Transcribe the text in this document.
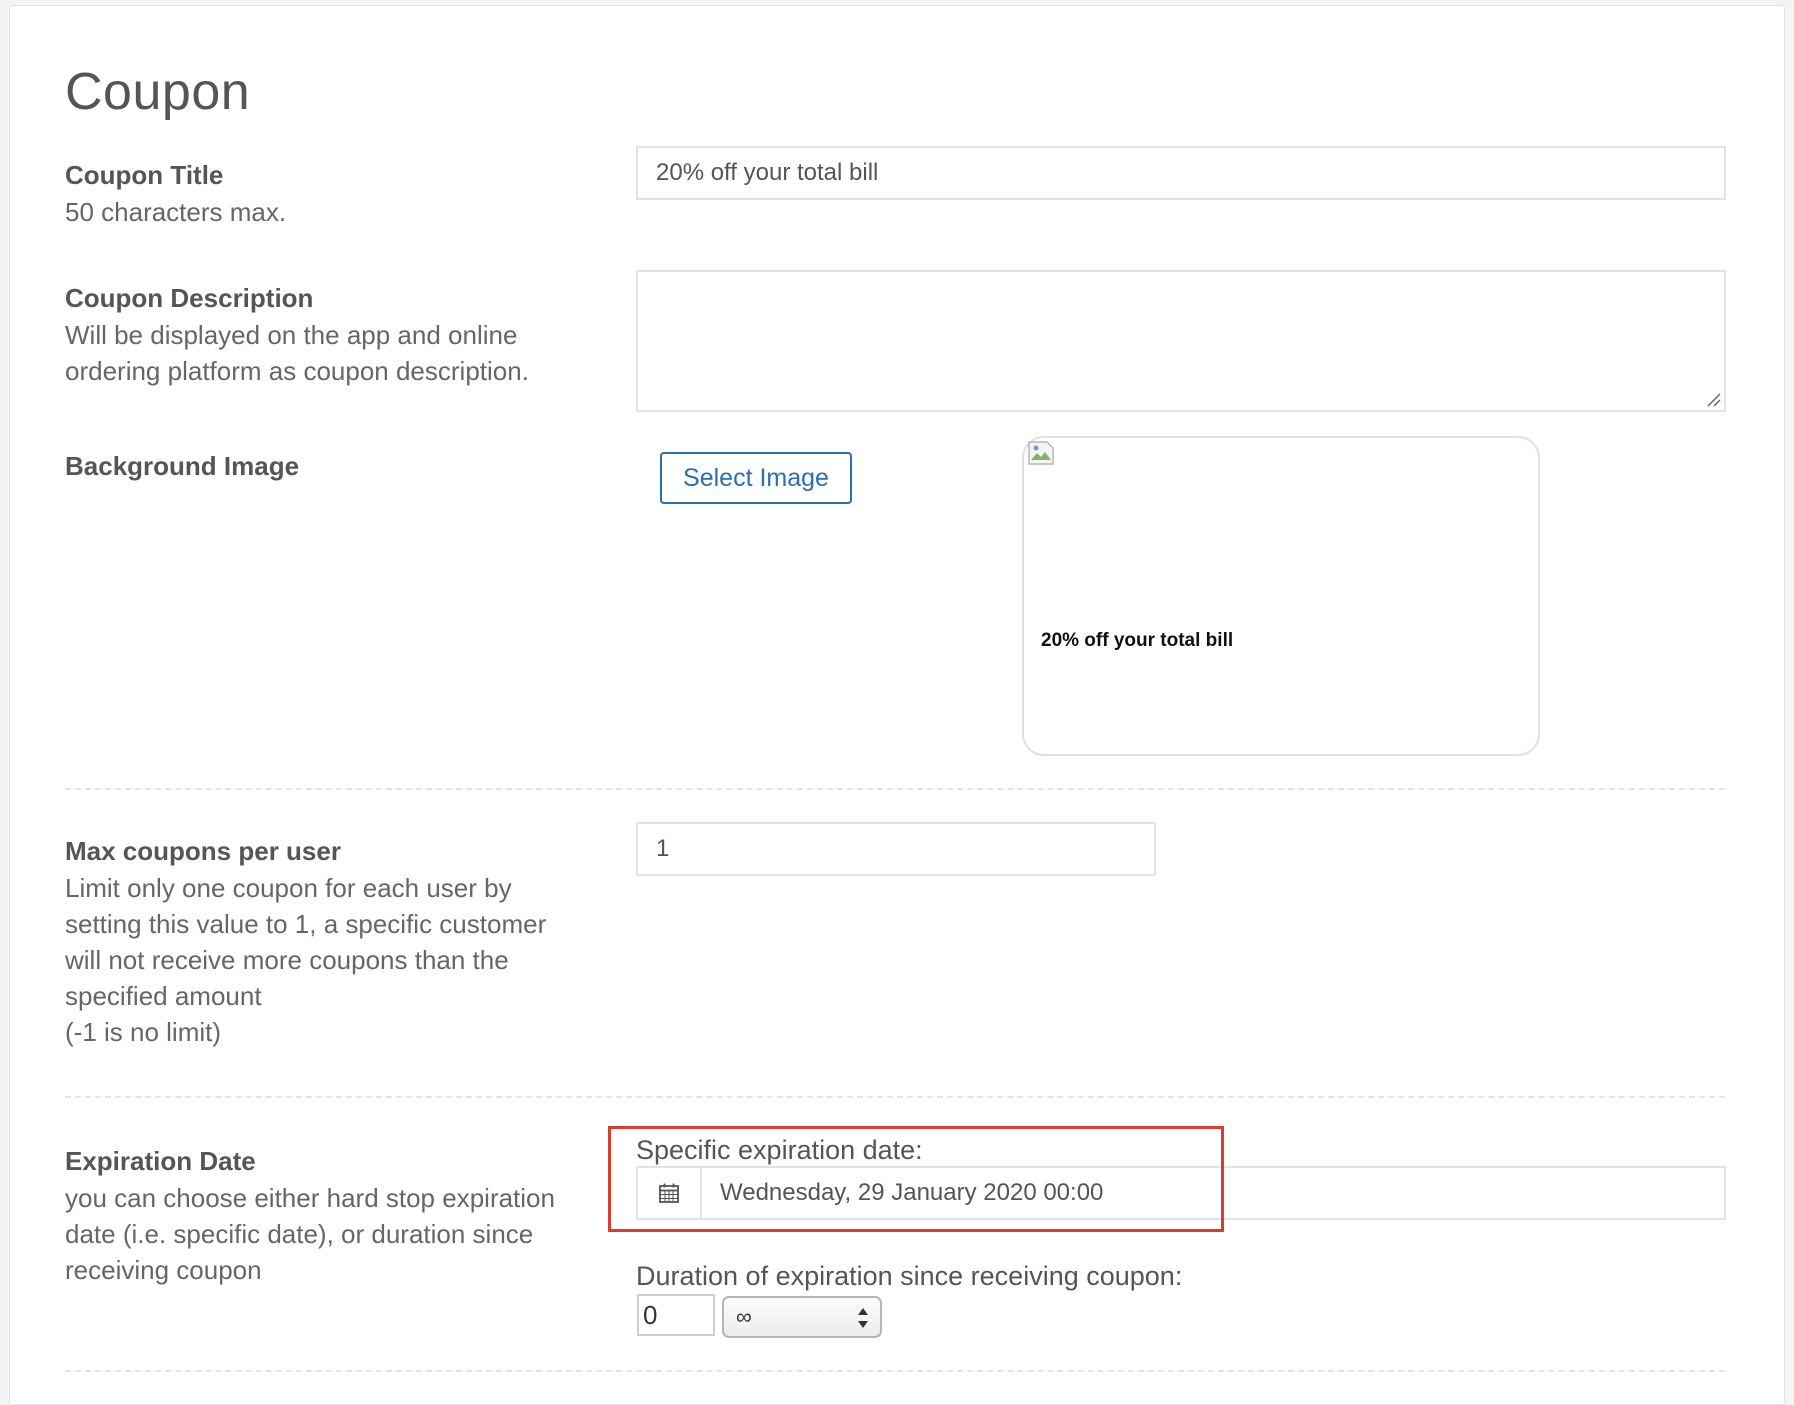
Coupon
Coupon Title
50 characters max.
20% off your total bill
Coupon Description
Will be displayed on the app and online
ordering platform as coupon description.
Background Image	Select Image
20% off your total bill
Max coupons per user
Limit only one coupon for each user by
setting this value to 1, a specific customer
will not receive more coupons than the
specified amount
(-1 is no limit)
1
Expiration Date
you can choose either hard stop expiration
date (i.e. specific date), or duration since
receiving coupon
Specific expiration date:
Wednesday, 29 January 2020 00:00
Duration of expiration since receiving coupon:
0	∞
